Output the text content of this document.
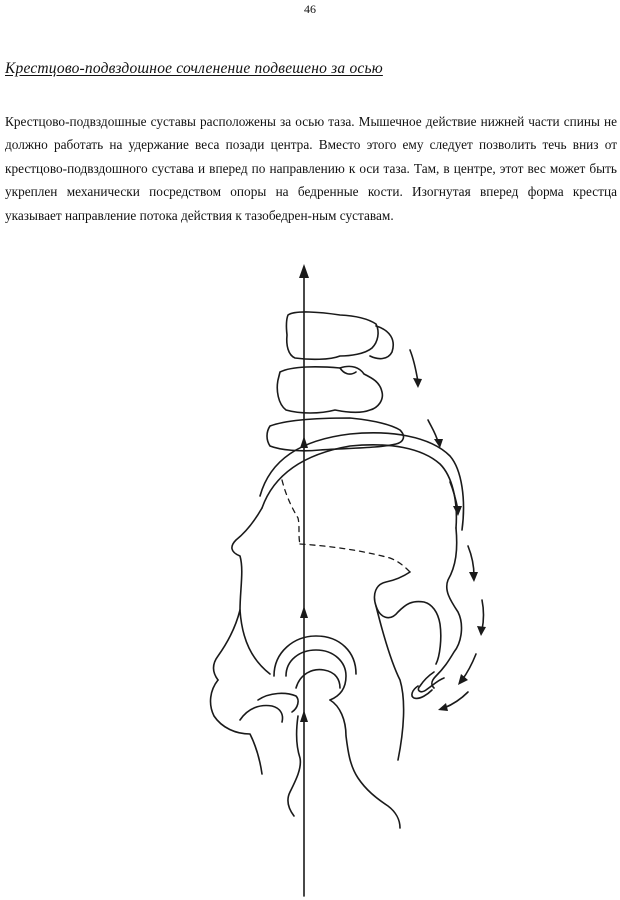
46
Крестцово-подвздошное сочленение подвешено за осью

Крестцово-подвздошные суставы расположены за осью таза. Мышечное действие нижней части спины не должно работать на удержание веса позади центра. Вместо этого ему следует позволить течь вниз от крестцово-подвздошного сустава и вперед по направлению к оси таза. Там, в центре, этот вес может быть укреплен механически посредством опоры на бедренные кости. Изогнутая вперед форма крестца указывает направление потока действия к тазобедрен-ным суставам.
